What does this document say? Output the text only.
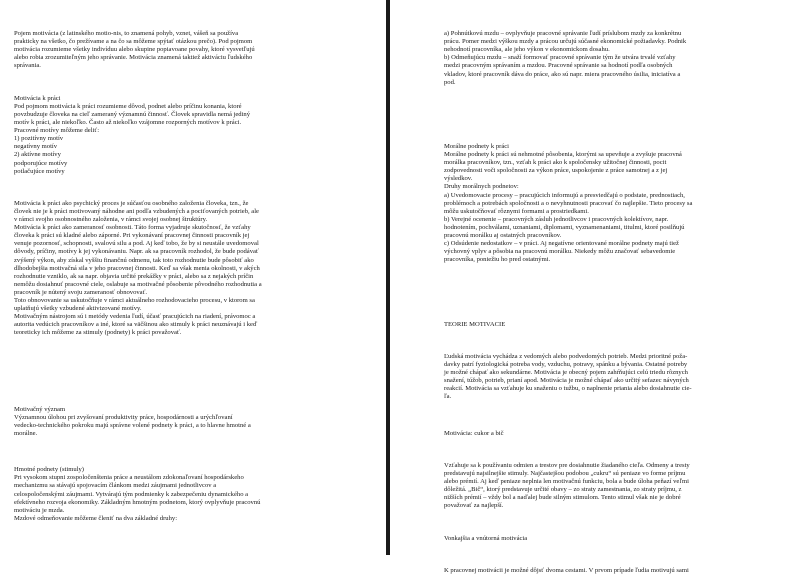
Pojem motivácia (z latinského motio-nis, to znamená pohyb, vznet, vášeň sa používa
prakticky na všetko, čo prežívame a na čo sa môžeme spýtať otázkou prečo). Pod pojmom
motivácia rozumieme všetky indivíduu alebo skupine popiavoane povahy, ktoré vysvetľujú
alebo robia zrozumiteľným jeho správanie. Motivácia znamená taktiež aktiváciu ľudského
správania.

Motivácia k práci
Pod pojmom motivácia k práci rozumieme dôvod, podnet alebo príčinu konania, ktoré
povzbudzuje človeka na cieľ zameraný významnú činnosť. Človek spravidla nemá jediný
motív k práci, ale niekoľko. Často až niekoľko vzájomne rozporných motívov k práci.
Pracovné motívy môžeme deliť:
1) pozitívny motív
negatívny motív
2) aktívne motívy
podporujúce motívy
potlačujúce motívy

Motivácia k práci ako psychický proces je súčasťou osobného založenia človeka, tzn., že
človek nie je k práci motivovaný náhodne ani podľa vzbudených a pociťovaných potrieb, ale
v rámci svojho osobnostného založenia, v rámci svojej osobnej štruktúry.
Motivácia k práci ako zameranosť osobnosti. Táto forma vyjadruje skutočnosť, že vzťahy
človeka k práci sú kladné alebo záporné. Pri vykonávaní pracovnej činnosti pracovník jej
venuje pozornosť, schopnosti, svalovú silu a pod. Aj keď tobo, že by si neustále uvedomoval
dôvody, príčiny, motívy k jej vykonávaniu. Napr. ak sa pracovník rozhodol, že bude podávať
zvýšený výkon, aby získal vyššiu finančnú odmenu, tak toto rozhodnutie bude pôsobiť ako
dlhodobejšia motivačná sila v jeho pracovnej činnosti. Keď sa však menia okolnosti, v akých
rozhodnutie vzniklo, ak sa napr. objavia určité prekážky v práci, alebo sa z nejakých príčin
nemôžu dosiahnuť pracovné ciele, oslabuje sa motivačné pôsobenie pôvodného rozhodnutia a
pracovník je nútený svoju zameranosť obnovovať.
Toto obnovovanie sa uskutočňuje v rámci aktuálneho rozhodovacieho procesu, v ktorom sa
uplatňujú všetky vzbudené aktivizované motívy.
Motivačným nástrojom sú i metódy vedenia ľudí, účasť pracujúcich na riadení, právomoc a
autorita vedúcich pracovníkov a iné, ktoré sa väčšinou ako stimuly k práci neuznávajú i keď
teoreticky ich môžeme za stimuly (podnety) k práci považovať.

Motivačný význam
Významnou úlohou pri zvyšovaní produktivity práce, hospodárnosti a urýchľovaní
vedecko-technického pokroku majú správne volené podnety k práci, a to hlavne hmotné a
morálne.

Hmotné podnety (stimuly)
Pri vysokom stupni zospoločenštenia práce a neustálom zdokonaľovaní hospodárskeho
mechanizmu sa stávajú spojovacím článkom medzi záujmami jednotlivcov a
celospoločenskými záujmami. Vytvárajú tým podmienky k zabezpečeniu dynamického a
efektívneho rozvoja ekonomiky. Základným hmotným podnetom, ktorý ovplyvňuje pracovnú
motiváciu je mzda.
Mzdové odmeňovanie môžeme členiť na dva základné druhy:

a) Pohnútkovú mzdu – ovplyvňuje pracovné správanie ľudí príslubom mzdy za konkrétnu
prácu. Pomer medzi výškou mzdy a prácou určujú súčasné ekonomické požiadavky. Podnik
nehodnotí pracovníka, ale jeho výkon v ekonomickom dosahu.
b) Odmeňujúcu mzdu – snaží formovať pracovné správanie tým že utvára trvalé vzťahy
medzi pracovným správaním a mzdou. Pracovné správanie sa hodnotí podľa osobných
vkladov, ktoré pracovník dáva do práce, ako sú napr. miera pracovného úsilia, iniciatíva a
pod.

Morálne podnety k práci
Morálne podnety k práci sú nehmotné pôsobenia, ktorými sa upevňuje a zvyšuje pracovná
morálka pracovníkov, tzn., vzťah k práci ako k spoločensky užitočnej činnosti, pocit
zodpovednosti voči spoločnosti za výkon práce, uspokojenie z práce samotnej a z jej
výsledkov.
Druhy morálnych podnetov:
a) Uvedomovacie procesy – pracujúcich informujú a presviedčajú o podstate, prednostiach,
problémoch a potrebách spoločnosti a o nevyhnutnosti pracovať čo najlepšie. Tieto procesy sa
môžu uskutočňovať rôznymi formami a prostriedkami.
b) Verejné ocenenie – pracovných zásluh jednotlivcov i pracovných kolektívov, napr.
hodnotením, pochválami, uznaniami, diplomami, vyznamenaniami, titulmi, ktoré posilňujú
pracovnú morálku aj ostatných pracovníkov.
c) Odsúdenie nedostatkov – v práci. Aj negatívne orientované morálne podnety majú tiež
výchovný vplyv a pôsobia na pracovnú morálku. Niekedy môžu značovať sebavedomie
pracovníka, poniežiu ho pred ostatnými.

TEORIE MOTIVACIE

Ľudská motivácia vychádza z vedomých alebo podvedomých potrieb. Medzi prioritné poža-
davky patrí fyziologická potreba vody, vzduchu, potravy, spánku a bývania. Ostatné potreby
je možné chápať ako sekundárne. Motivácia je obecný pojem zahŕňujúci celú triedu rôznych
snažení, túžob, potrieb, prianí apod. Motivácia je možné chápať ako určitý sefazec návyných
reakcií. Motivácia sa vzťahuje ku snaženiu o tužbu, o naplnenie priania alebo dosiahnutie cie-
ľa.

Motivácia: cukor a bič

Vzťahuje sa k používaniu odmien a trestov pre dosiahnutie žiadaného cieľa. Odmeny a tresty
predstavujú najsilnejšie stimuly. Najčastejšou podobou „cukru“ sú peniaze vo forme príjmu
alebo prémií. Aj keď peniaze neplnia len motivačnú funkciu, bola a bude úloha peňazí veľmi
dôležitá. „Bič“, ktorý predstavuje určité obavy – zo straty zamestnania, zo straty príjmu, z
nižších prémií – vždy bol a naďalej bude silným stimulom. Tento stimul však nie je dobré
považovať za najlepší.

Vonkajšia a vnútorná motivácia

K pracovnej motivácii je možné dôjsť dvoma cestami. V prvom prípade ľudia motivujú sami
